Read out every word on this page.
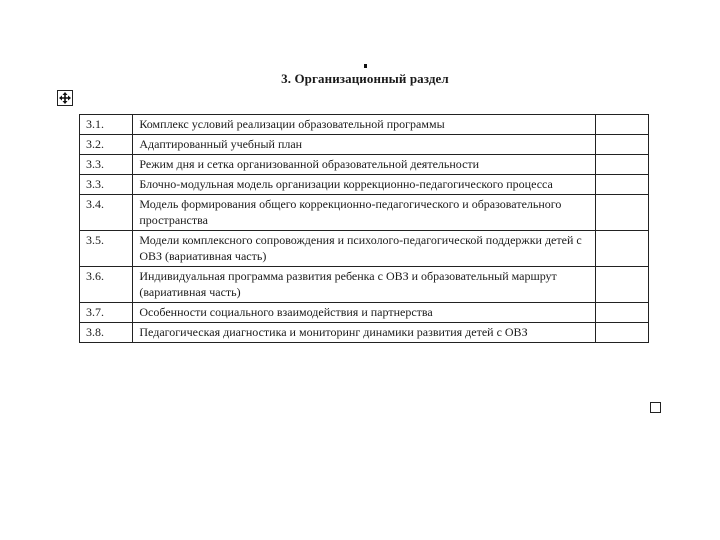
3. Организационный раздел
3.1.	Комплекс условий реализации образовательной программы	
3.2.	Адаптированный учебный план	
3.3.	Режим дня и сетка организованной образовательной деятельности	
3.3.	Блочно-модульная модель организации коррекционно-педагогического процесса	
3.4.	Модель формирования общего коррекционно-педагогического и образовательного пространства	
3.5.	Модели комплексного сопровождения и психолого-педагогической поддержки детей с ОВЗ (вариативная часть)	
3.6.	Индивидуальная программа развития ребенка с ОВЗ и образовательный маршрут (вариативная часть)	
3.7.	Особенности социального взаимодействия и партнерства	
3.8.	Педагогическая диагностика и мониторинг динамики развития детей с ОВЗ	
